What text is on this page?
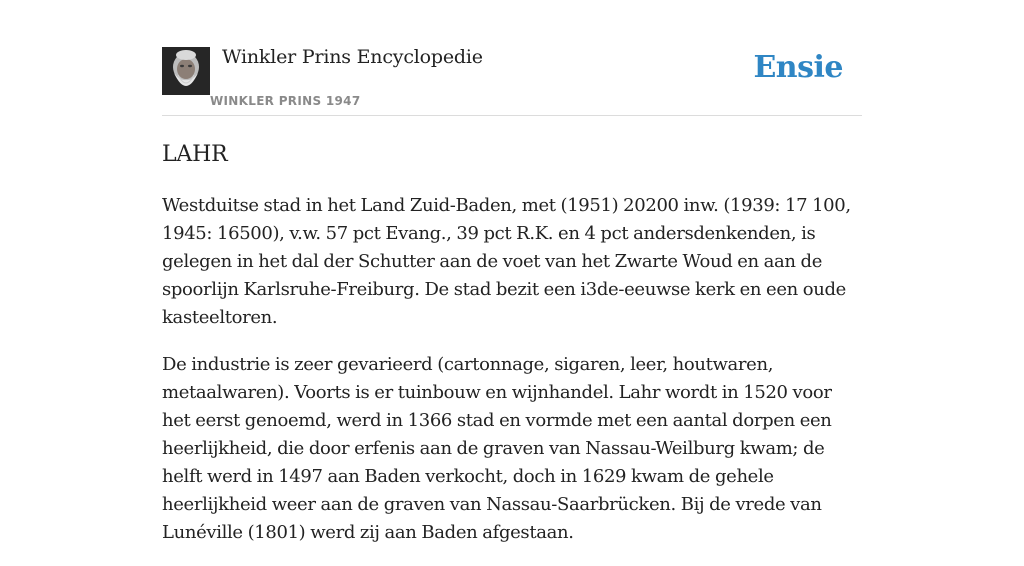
Winkler Prins Encyclopedie
WINKLER PRINS 1947
Ensie
LAHR

Westduitse stad in het Land Zuid-Baden, met (1951) 20200 inw. (1939: 17 100, 1945: 16500), v.w. 57 pct Evang., 39 pct R.K. en 4 pct andersdenkenden, is gelegen in het dal der Schutter aan de voet van het Zwarte Woud en aan de spoorlijn Karlsruhe-Freiburg. De stad bezit een i3de-eeuwse kerk en een oude kasteeltoren.

De industrie is zeer gevarieerd (cartonnage, sigaren, leer, houtwaren, metaalwaren). Voorts is er tuinbouw en wijnhandel. Lahr wordt in 1520 voor het eerst genoemd, werd in 1366 stad en vormde met een aantal dorpen een heerlijkheid, die door erfenis aan de graven van Nassau-Weilburg kwam; de helft werd in 1497 aan Baden verkocht, doch in 1629 kwam de gehele heerlijkheid weer aan de graven van Nassau-Saarbrücken. Bij de vrede van Lunéville (1801) werd zij aan Baden afgestaan.
